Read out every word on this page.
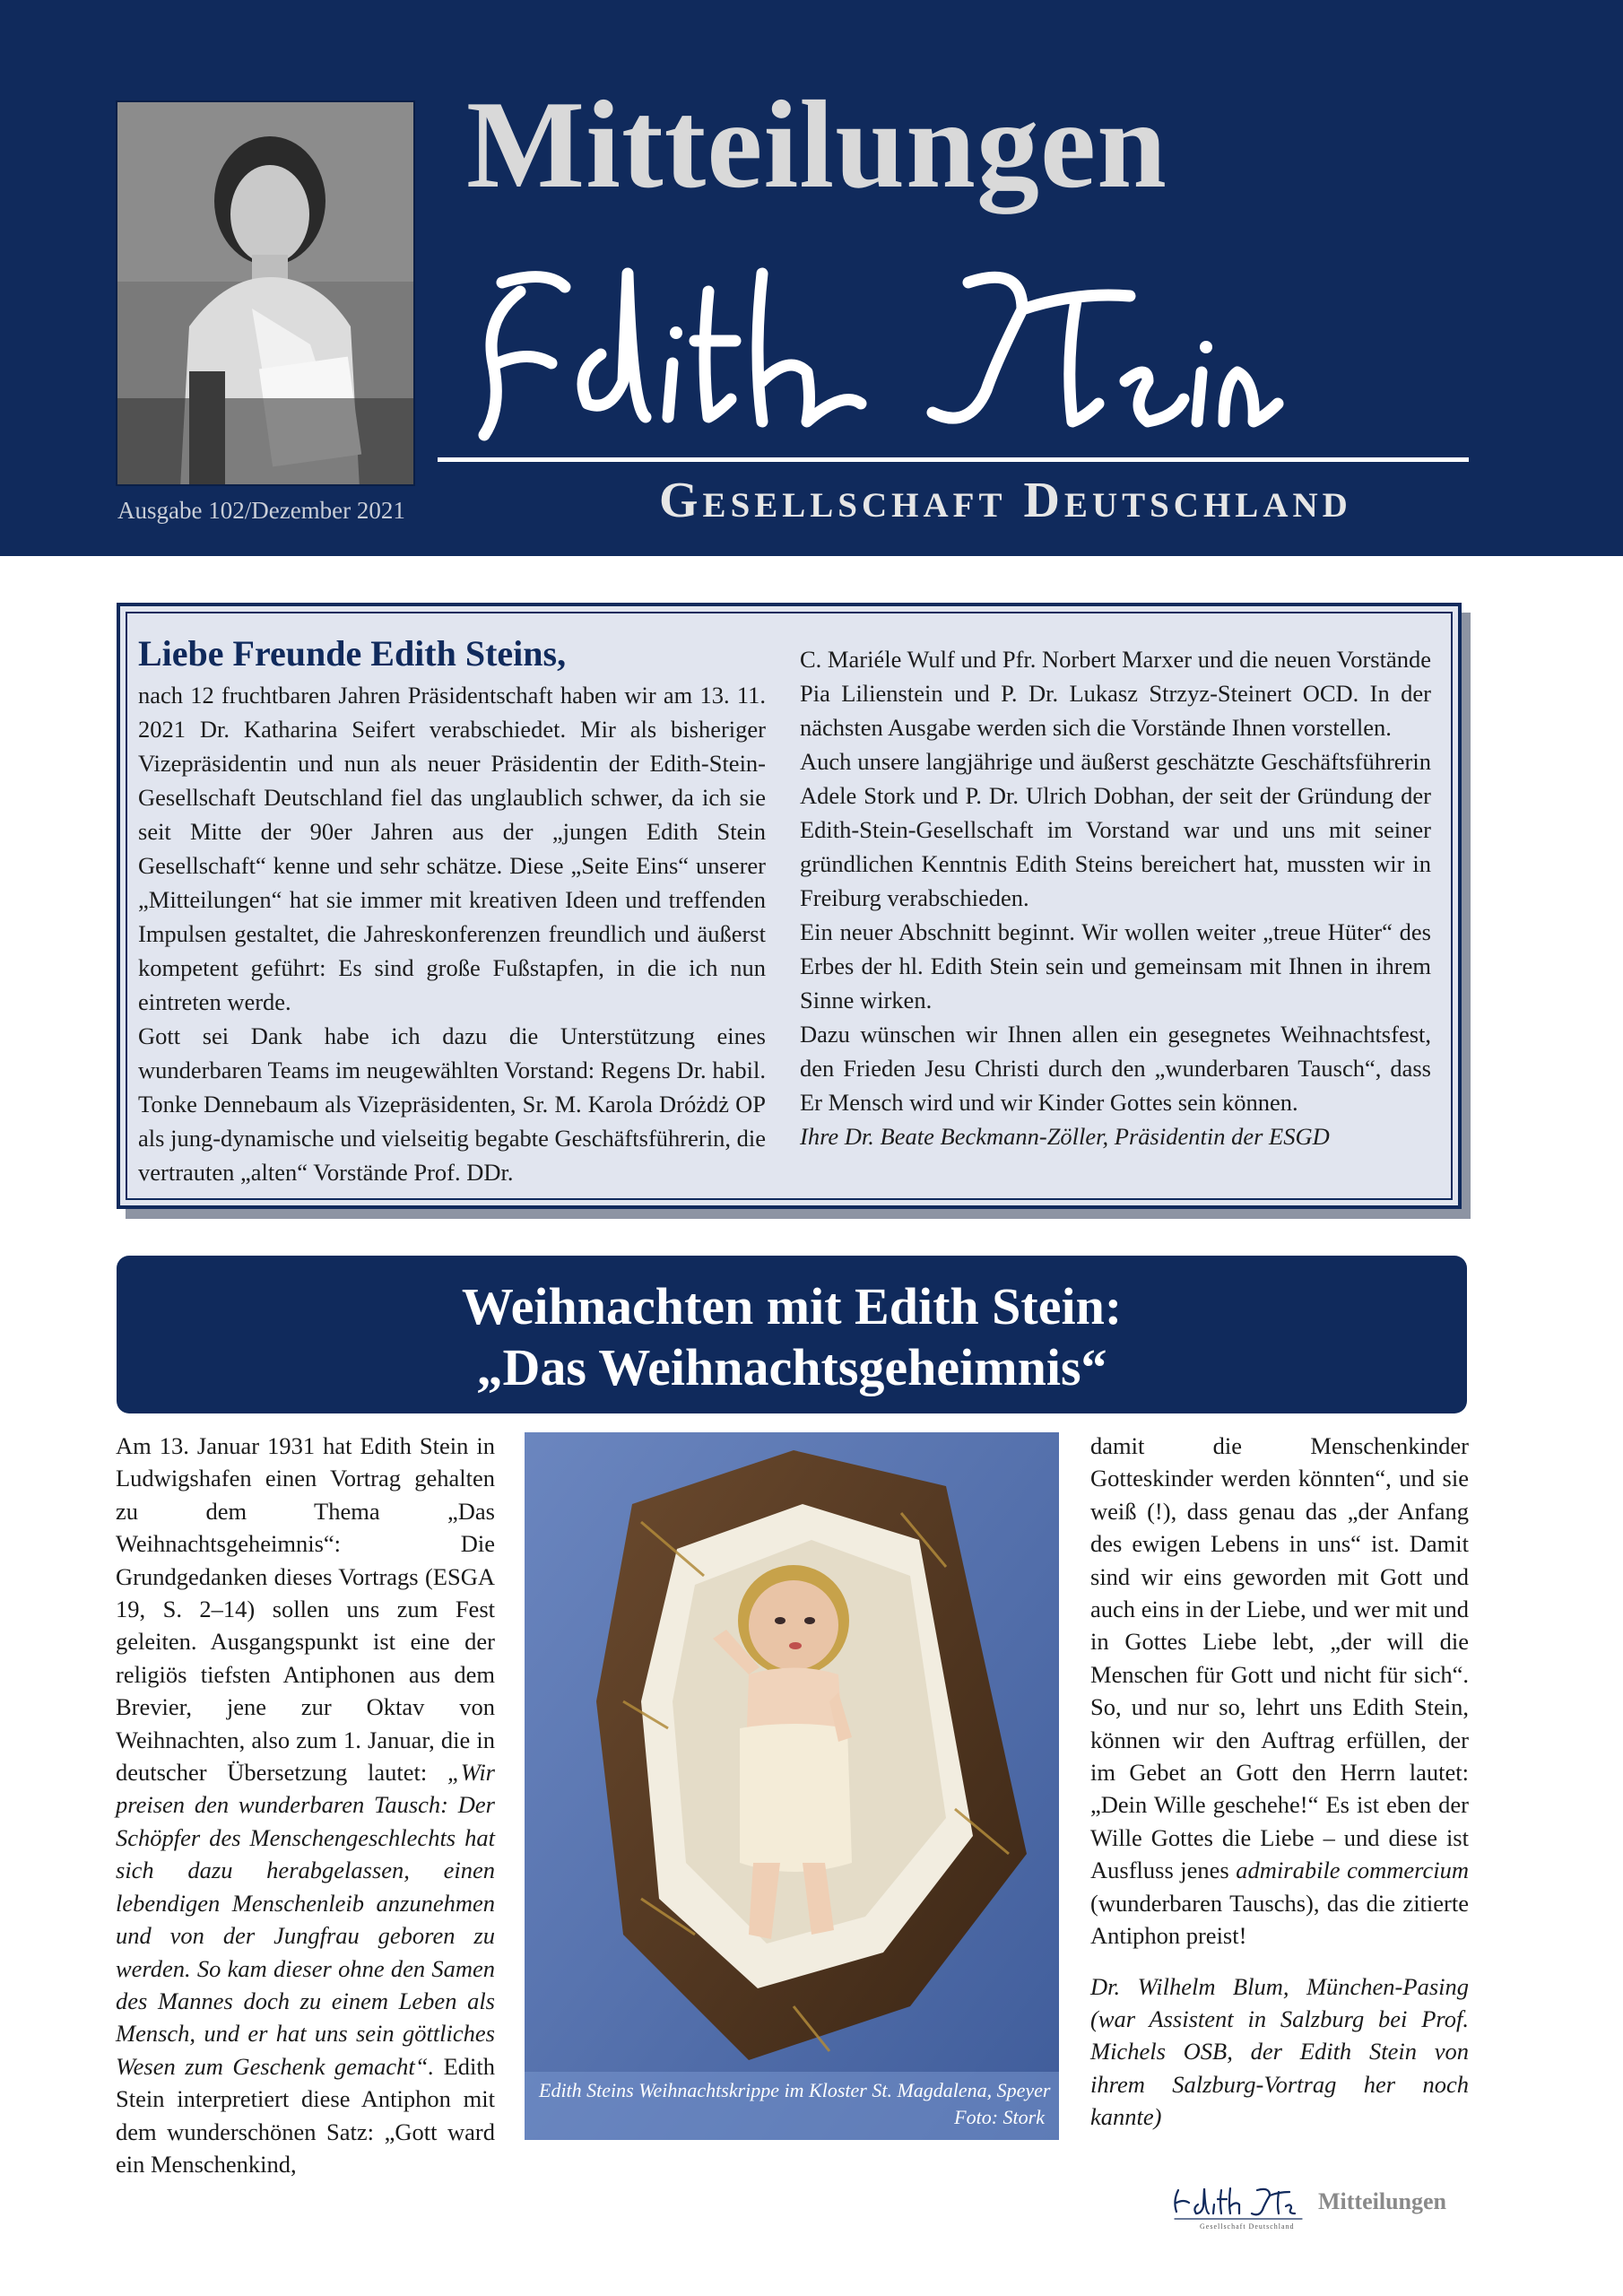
Ausgabe 102/Dezember 2021
Mitteilungen
Gesellschaft Deutschland
Liebe Freunde Edith Steins,

nach 12 fruchtbaren Jahren Präsidentschaft haben wir am 13. 11. 2021 Dr. Katharina Seifert verabschiedet. Mir als bisheriger Vizepräsidentin und nun als neuer Präsidentin der Edith-Stein-Gesellschaft Deutschland fiel das unglaublich schwer, da ich sie seit Mitte der 90er Jahren aus der „jungen Edith Stein Gesellschaft“ kenne und sehr schätze. Diese „Seite Eins“ unserer „Mitteilungen“ hat sie immer mit kreativen Ideen und treffenden Impulsen gestaltet, die Jahreskonferenzen freundlich und äußerst kompetent geführt: Es sind große Fußstapfen, in die ich nun eintreten werde.

Gott sei Dank habe ich dazu die Unterstützung eines wunderbaren Teams im neugewählten Vorstand: Regens Dr. habil. Tonke Dennebaum als Vizepräsidenten, Sr. M. Karola Dróżdż OP als jung-dynamische und vielseitig begabte Geschäftsführerin, die vertrauten „alten“ Vorstände Prof. DDr.

C. Mariéle Wulf und Pfr. Norbert Marxer und die neuen Vorstände Pia Lilienstein und P. Dr. Lukasz Strzyz-Steinert OCD. In der nächsten Ausgabe werden sich die Vorstände Ihnen vorstellen.

Auch unsere langjährige und äußerst geschätzte Geschäftsführerin Adele Stork und P. Dr. Ulrich Dobhan, der seit der Gründung der Edith-Stein-Gesellschaft im Vorstand war und uns mit seiner gründlichen Kenntnis Edith Steins bereichert hat, mussten wir in Freiburg verabschieden.

Ein neuer Abschnitt beginnt. Wir wollen weiter „treue Hüter“ des Erbes der hl. Edith Stein sein und gemeinsam mit Ihnen in ihrem Sinne wirken.

Dazu wünschen wir Ihnen allen ein gesegnetes Weihnachtsfest, den Frieden Jesu Christi durch den „wunderbaren Tausch“, dass Er Mensch wird und wir Kinder Gottes sein können.

Ihre Dr. Beate Beckmann-Zöller, Präsidentin der ESGD

Weihnachten mit Edith Stein:
„Das Weihnachtsgeheimnis“

Am 13. Januar 1931 hat Edith Stein in Ludwigshafen einen Vortrag gehalten zu dem Thema „Das Weihnachtsgeheimnis“: Die Grundgedanken dieses Vortrags (ESGA 19, S. 2–14) sollen uns zum Fest geleiten. Ausgangspunkt ist eine der religiös tiefsten Antiphonen aus dem Brevier, jene zur Oktav von Weihnachten, also zum 1. Januar, die in deutscher Übersetzung lautet: „Wir preisen den wunderbaren Tausch: Der Schöpfer des Menschengeschlechts hat sich dazu herabgelassen, einen lebendigen Menschenleib anzunehmen und von der Jungfrau geboren zu werden. So kam dieser ohne den Samen des Mannes doch zu einem Leben als Mensch, und er hat uns sein göttliches Wesen zum Geschenk gemacht“. Edith Stein interpretiert diese Antiphon mit dem wunderschönen Satz: „Gott ward ein Menschenkind,

Edith Steins Weihnachtskrippe im Kloster St. Magdalena, Speyer
Foto: Stork

damit die Menschenkinder Gotteskinder werden könnten“, und sie weiß (!), dass genau das „der Anfang des ewigen Lebens in uns“ ist. Damit sind wir eins geworden mit Gott und auch eins in der Liebe, und wer mit und in Gottes Liebe lebt, „der will die Menschen für Gott und nicht für sich“. So, und nur so, lehrt uns Edith Stein, können wir den Auftrag erfüllen, der im Gebet an Gott den Herrn lautet: „Dein Wille geschehe!“ Es ist eben der Wille Gottes die Liebe – und diese ist Ausfluss jenes admirabile commercium (wunderbaren Tauschs), das die zitierte Antiphon preist!

Dr. Wilhelm Blum, München-Pasing (war Assistent in Salzburg bei Prof. Michels OSB, der Edith Stein von ihrem Salzburg-Vortrag her noch kannte)

Gesellschaft Deutschland
Mitteilungen
